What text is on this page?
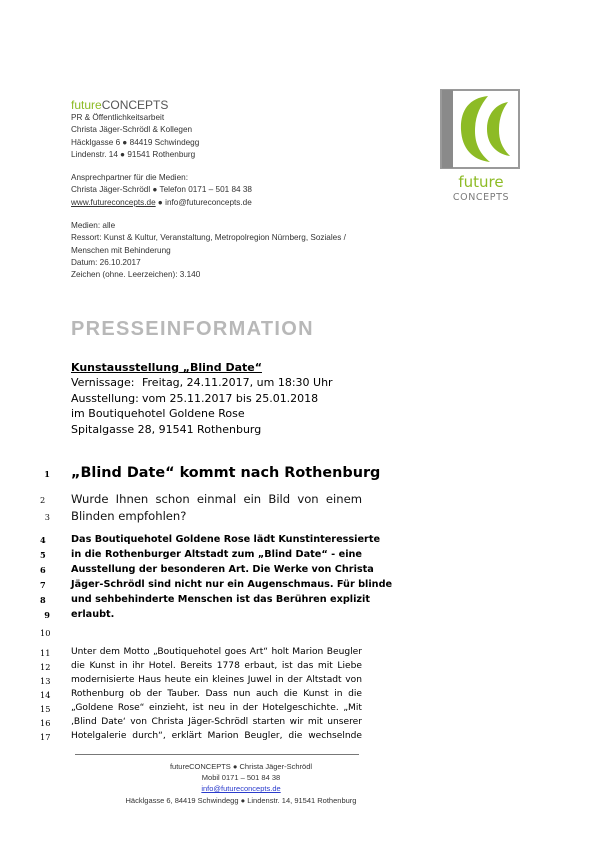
futureCONCEPTS
PR & Öffentlichkeitsarbeit
Christa Jäger-Schrödl & Kollegen
Häcklgasse 6 ● 84419 Schwindegg
Lindenstr. 14 ● 91541 Rothenburg
Ansprechpartner für die Medien:
Christa Jäger-Schrödl ● Telefon 0171 – 501 84 38
www.futureconcepts.de ● info@futureconcepts.de
Medien: alle
Ressort: Kunst & Kultur, Veranstaltung, Metropolregion Nürnberg, Soziales /
Menschen mit Behinderung
Datum: 26.10.2017
Zeichen (ohne. Leerzeichen): 3.140
future
CONCEPTS
PRESSEINFORMATION
Kunstausstellung „Blind Date“
Vernissage: Freitag, 24.11.2017, um 18:30 Uhr
Ausstellung: vom 25.11.2017 bis 25.01.2018
im Boutiquehotel Goldene Rose
Spitalgasse 28, 91541 Rothenburg
1 „Blind Date“ kommt nach Rothenburg
2	Wurde Ihnen schon einmal ein Bild von einem
3 Blinden empfohlen?
4	Das Boutiquehotel Goldene Rose lädt Kunstinteressierte
5	in die Rothenburger Altstadt zum „Blind Date“ - eine
6	Ausstellung der besonderen Art. Die Werke von Christa
7	Jäger-Schrödl sind nicht nur ein Augenschmaus. Für blinde
8	und sehbehinderte Menschen ist das Berühren explizit
9 erlaubt.
10
11 Unter dem Motto „Boutiquehotel goes Art“ holt Marion Beugler
12 die Kunst in ihr Hotel. Bereits 1778 erbaut, ist das mit Liebe
13 modernisierte Haus heute ein kleines Juwel in der Altstadt von
14 Rothenburg ob der Tauber. Dass nun auch die Kunst in die
15 „Goldene Rose“ einzieht, ist neu in der Hotelgeschichte. „Mit
16 ‚Blind Date‘ von Christa Jäger-Schrödl starten wir mit unserer
17 Hotelgalerie durch“, erklärt Marion Beugler, die wechselnde
futureCONCEPTS ● Christa Jäger-Schrödl
Mobil 0171 – 501 84 38
info@futureconcepts.de
Häcklgasse 6, 84419 Schwindegg ● Lindenstr. 14, 91541 Rothenburg
